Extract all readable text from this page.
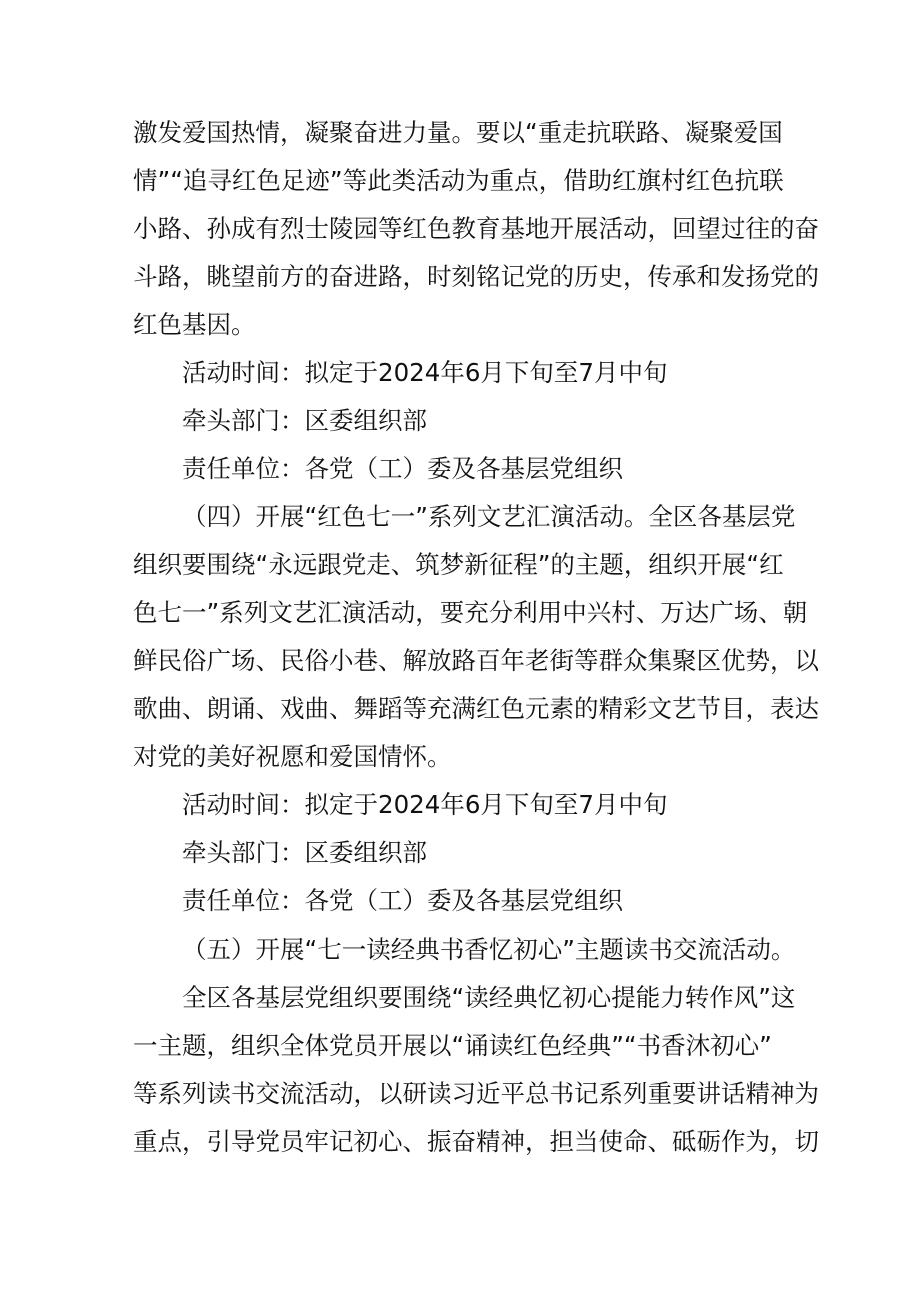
激发爱国热情，凝聚奋进力量。要以“重走抗联路、凝聚爱国
情”“追寻红色足迹”等此类活动为重点，借助红旗村红色抗联
小路、孙成有烈士陵园等红色教育基地开展活动，回望过往的奋
斗路，眺望前方的奋进路，时刻铭记党的历史，传承和发扬党的
红色基因。
活动时间：拟定于2024年6月下旬至7月中旬
牵头部门：区委组织部
责任单位：各党（工）委及各基层党组织
（四）开展“红色七一”系列文艺汇演活动。全区各基层党
组织要围绕“永远跟党走、筑梦新征程”的主题，组织开展“红
色七一”系列文艺汇演活动，要充分利用中兴村、万达广场、朝
鲜民俗广场、民俗小巷、解放路百年老街等群众集聚区优势，以
歌曲、朗诵、戏曲、舞蹈等充满红色元素的精彩文艺节目，表达
对党的美好祝愿和爱国情怀。
活动时间：拟定于2024年6月下旬至7月中旬
牵头部门：区委组织部
责任单位：各党（工）委及各基层党组织
（五）开展“七一读经典书香忆初心”主题读书交流活动。
全区各基层党组织要围绕“读经典忆初心提能力转作风”这
一主题，组织全体党员开展以“诵读红色经典”“书香沐初心”
等系列读书交流活动，以研读习近平总书记系列重要讲话精神为
重点，引导党员牢记初心、振奋精神，担当使命、砥砺作为，切
